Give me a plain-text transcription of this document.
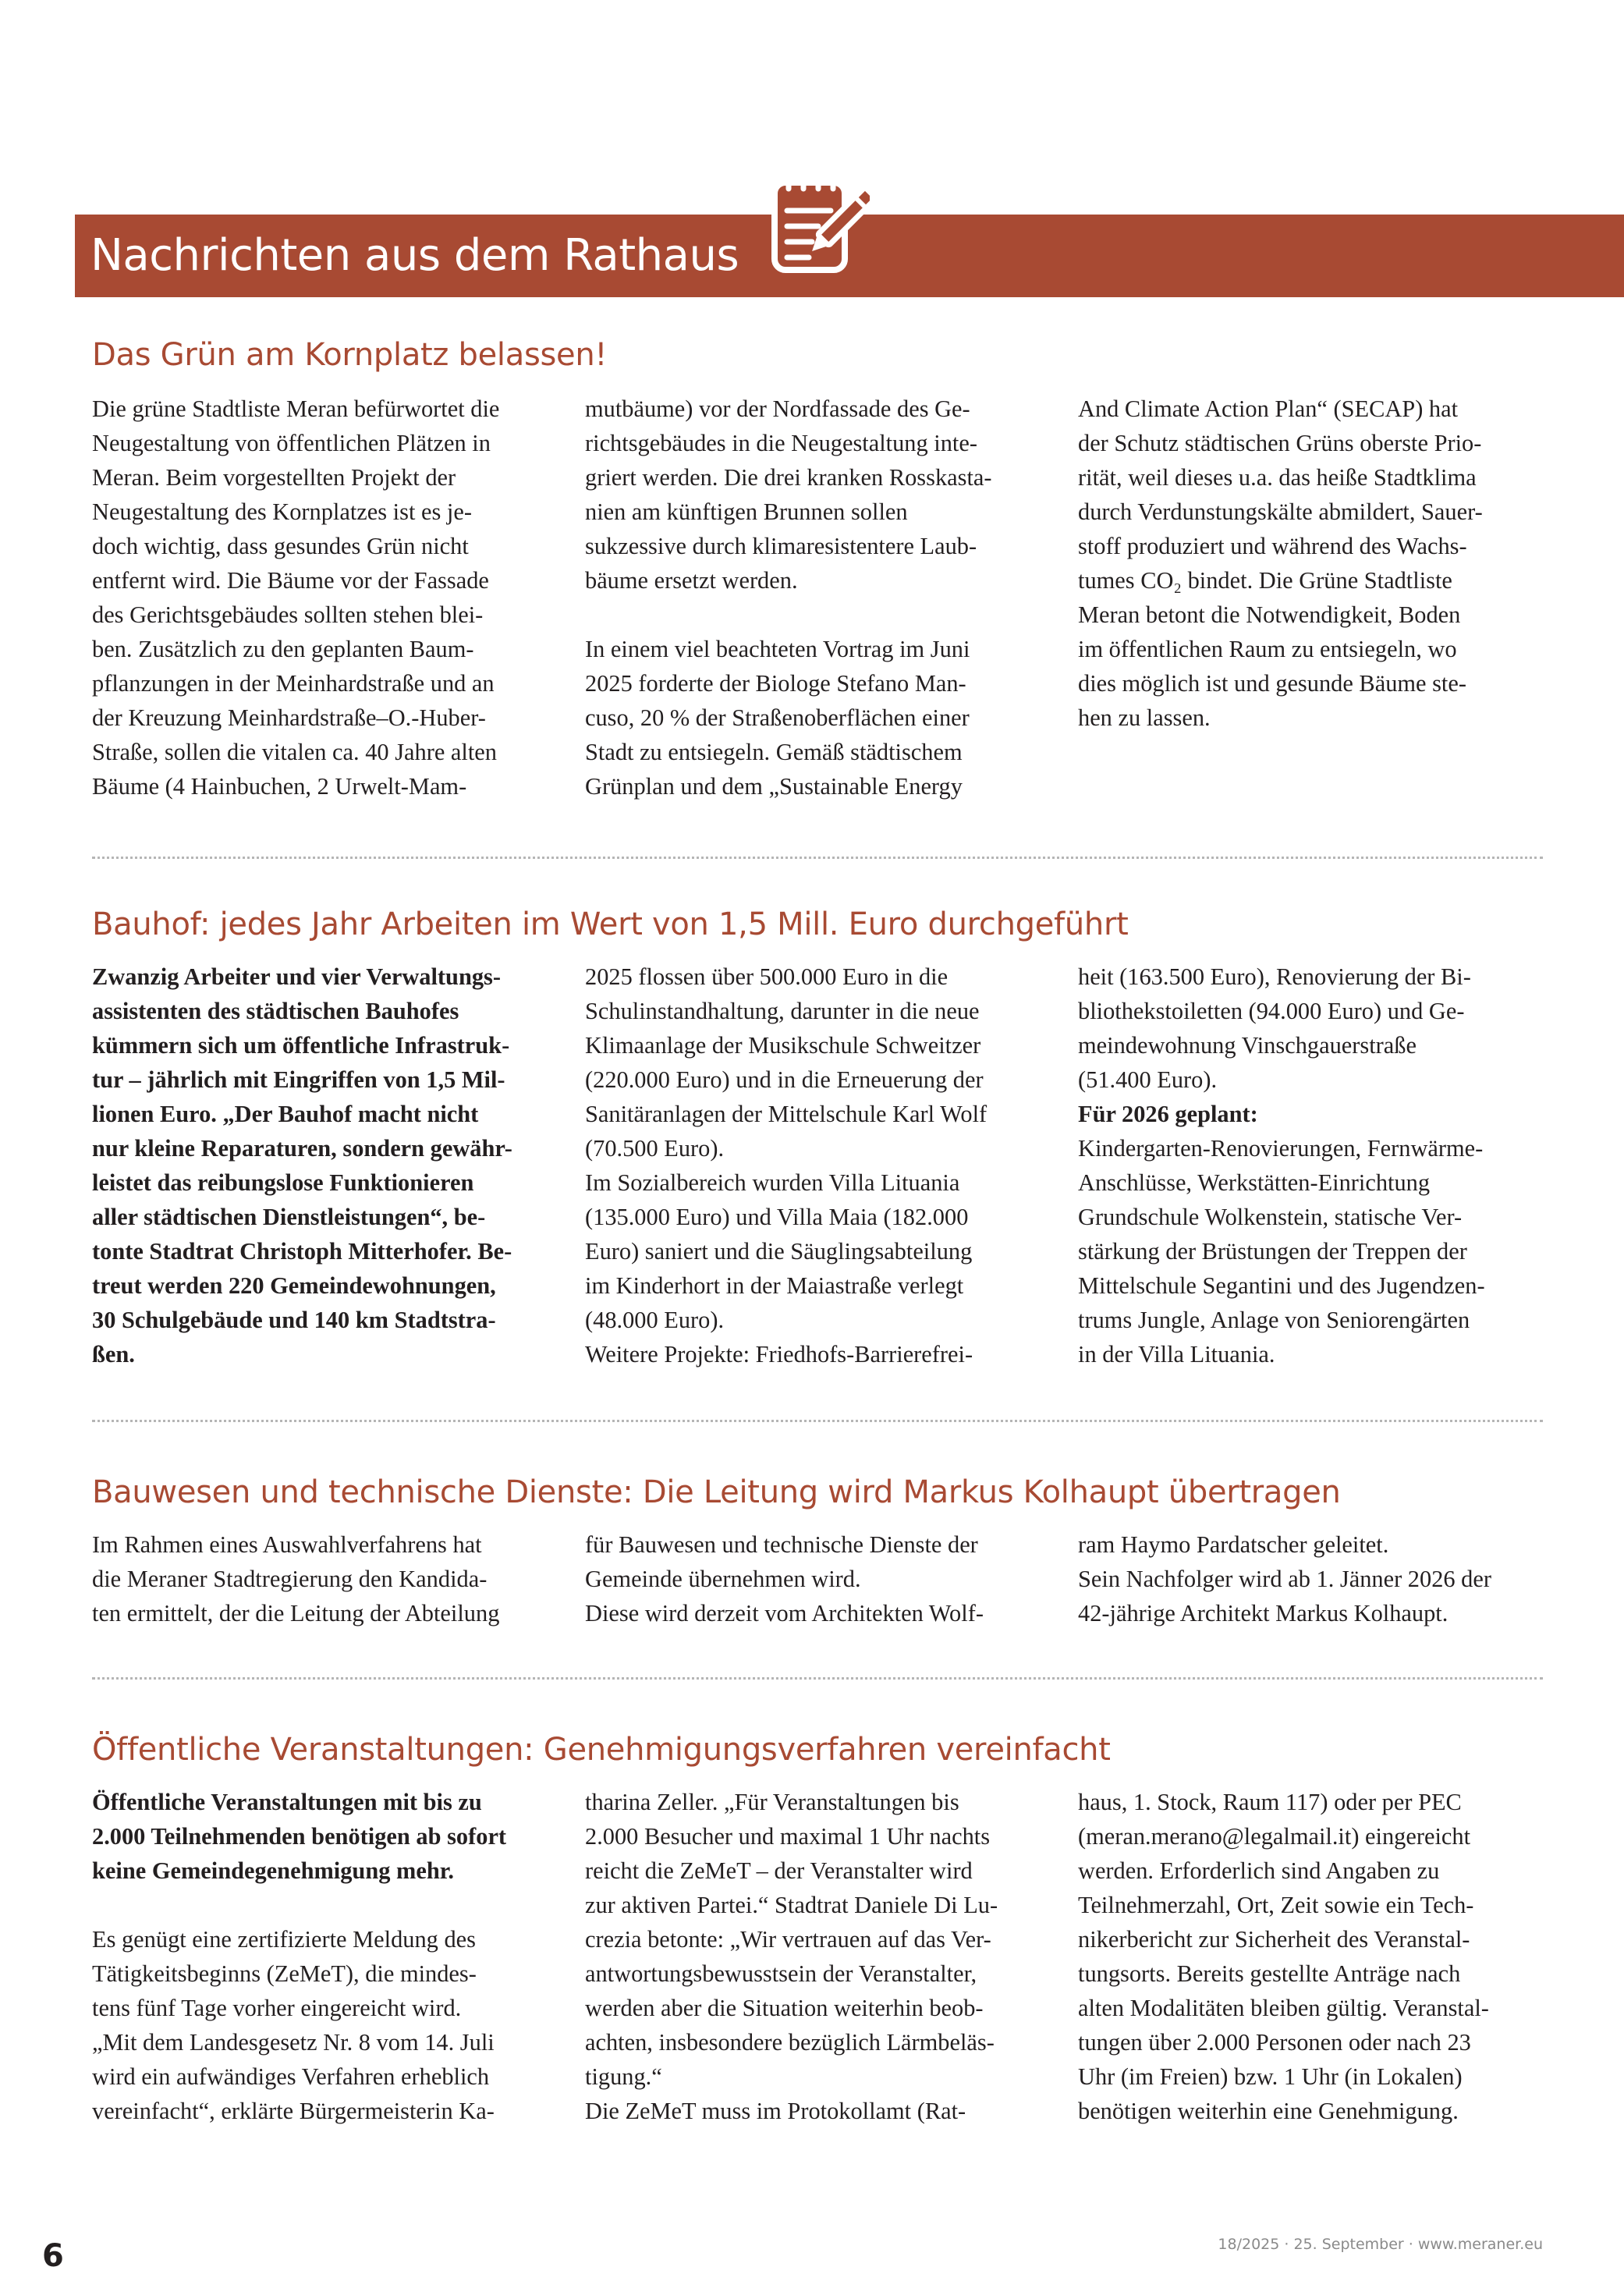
Nachrichten aus dem Rathaus
Das Grün am Kornplatz belassen!
Die grüne Stadtliste Meran befürwortet die
Neugestaltung von öffentlichen Plätzen in
Meran. Beim vorgestellten Projekt der
Neugestaltung des Kornplatzes ist es je-
doch wichtig, dass gesundes Grün nicht
entfernt wird. Die Bäume vor der Fassade
des Gerichtsgebäudes sollten stehen blei-
ben. Zusätzlich zu den geplanten Baum-
pflanzungen in der Meinhardstraße und an
der Kreuzung Meinhardstraße–O.-Huber-
Straße, sollen die vitalen ca. 40 Jahre alten
Bäume (4 Hainbuchen, 2 Urwelt-Mam-
mutbäume) vor der Nordfassade des Ge-
richtsgebäudes in die Neugestaltung inte-
griert werden. Die drei kranken Rosskasta-
nien am künftigen Brunnen sollen
sukzessive durch klimaresistentere Laub-
bäume ersetzt werden.
In einem viel beachteten Vortrag im Juni
2025 forderte der Biologe Stefano Man-
cuso, 20 % der Straßenoberflächen einer
Stadt zu entsiegeln. Gemäß städtischem
Grünplan und dem „Sustainable Energy
And Climate Action Plan“ (SECAP) hat
der Schutz städtischen Grüns oberste Prio-
rität, weil dieses u.a. das heiße Stadtklima
durch Verdunstungskälte abmildert, Sauer-
stoff produziert und während des Wachs-
tumes CO₂ bindet. Die Grüne Stadtliste
Meran betont die Notwendigkeit, Boden
im öffentlichen Raum zu entsiegeln, wo
dies möglich ist und gesunde Bäume ste-
hen zu lassen.
Bauhof: jedes Jahr Arbeiten im Wert von 1,5 Mill. Euro durchgeführt
Zwanzig Arbeiter und vier Verwaltungs-
assistenten des städtischen Bauhofes
kümmern sich um öffentliche Infrastruk-
tur – jährlich mit Eingriffen von 1,5 Mil-
lionen Euro. „Der Bauhof macht nicht
nur kleine Reparaturen, sondern gewähr-
leistet das reibungslose Funktionieren
aller städtischen Dienstleistungen“, be-
tonte Stadtrat Christoph Mitterhofer. Be-
treut werden 220 Gemeindewohnungen,
30 Schulgebäude und 140 km Stadtstra-
ßen.
2025 flossen über 500.000 Euro in die
Schulinstandhaltung, darunter in die neue
Klimaanlage der Musikschule Schweitzer
(220.000 Euro) und in die Erneuerung der
Sanitäranlagen der Mittelschule Karl Wolf
(70.500 Euro).
Im Sozialbereich wurden Villa Lituania
(135.000 Euro) und Villa Maia (182.000
Euro) saniert und die Säuglingsabteilung
im Kinderhort in der Maiastraße verlegt
(48.000 Euro).
Weitere Projekte: Friedhofs-Barrierefrei-
heit (163.500 Euro), Renovierung der Bi-
bliothekstoiletten (94.000 Euro) und Ge-
meindewohnung Vinschgauerstraße
(51.400 Euro).
Für 2026 geplant:
Kindergarten-Renovierungen, Fernwärme-
Anschlüsse, Werkstätten-Einrichtung
Grundschule Wolkenstein, statische Ver-
stärkung der Brüstungen der Treppen der
Mittelschule Segantini und des Jugendzen-
trums Jungle, Anlage von Seniorengärten
in der Villa Lituania.
Bauwesen und technische Dienste: Die Leitung wird Markus Kolhaupt übertragen
Im Rahmen eines Auswahlverfahrens hat
die Meraner Stadtregierung den Kandida-
ten ermittelt, der die Leitung der Abteilung
für Bauwesen und technische Dienste der
Gemeinde übernehmen wird.
Diese wird derzeit vom Architekten Wolf-
ram Haymo Pardatscher geleitet.
Sein Nachfolger wird ab 1. Jänner 2026 der
42-jährige Architekt Markus Kolhaupt.
Öffentliche Veranstaltungen: Genehmigungsverfahren vereinfacht
Öffentliche Veranstaltungen mit bis zu
2.000 Teilnehmenden benötigen ab sofort
keine Gemeindegenehmigung mehr.
Es genügt eine zertifizierte Meldung des
Tätigkeitsbeginns (ZeMeT), die mindes-
tens fünf Tage vorher eingereicht wird.
„Mit dem Landesgesetz Nr. 8 vom 14. Juli
wird ein aufwändiges Verfahren erheblich
vereinfacht“, erklärte Bürgermeisterin Ka-
tharina Zeller. „Für Veranstaltungen bis
2.000 Besucher und maximal 1 Uhr nachts
reicht die ZeMeT – der Veranstalter wird
zur aktiven Partei.“ Stadtrat Daniele Di Lu-
crezia betonte: „Wir vertrauen auf das Ver-
antwortungsbewusstsein der Veranstalter,
werden aber die Situation weiterhin beob-
achten, insbesondere bezüglich Lärmbeläs-
tigung.“
Die ZeMeT muss im Protokollamt (Rat-
haus, 1. Stock, Raum 117) oder per PEC
(meran.merano@legalmail.it) eingereicht
werden. Erforderlich sind Angaben zu
Teilnehmerzahl, Ort, Zeit sowie ein Tech-
nikerbericht zur Sicherheit des Veranstal-
tungsorts. Bereits gestellte Anträge nach
alten Modalitäten bleiben gültig. Veranstal-
tungen über 2.000 Personen oder nach 23
Uhr (im Freien) bzw. 1 Uhr (in Lokalen)
benötigen weiterhin eine Genehmigung.
18/2025 · 25. September · www.meraner.eu
6
